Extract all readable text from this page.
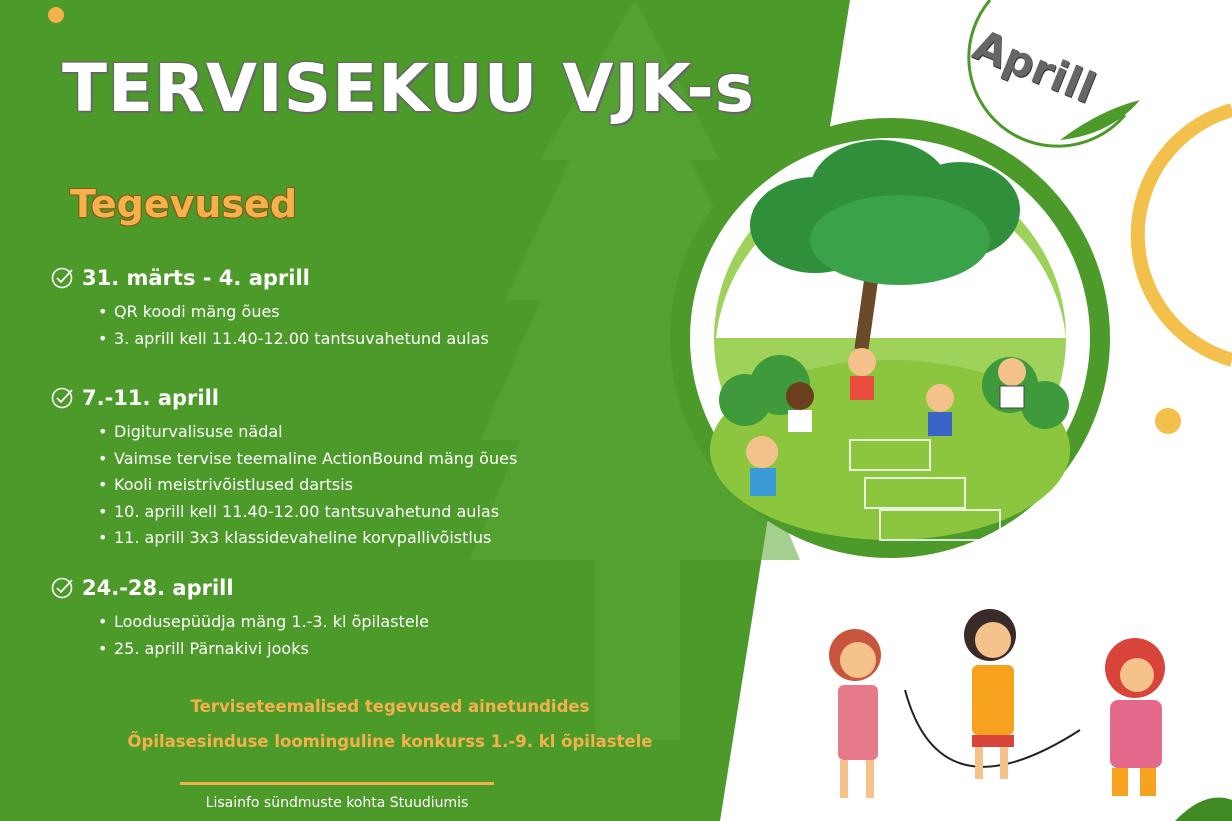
Aprill
TERVISEKUU VJK-s
Tegevused
31. märts - 4. aprill
• QR koodi mäng õues
• 3. aprill kell 11.40-12.00 tantsuvahetund aulas
7.-11. aprill
• Digiturvalisuse nädal
• Vaimse tervise teemaline ActionBound mäng õues
• Kooli meistrivõistlused dartsis
• 10. aprill kell 11.40-12.00 tantsuvahetund aulas
• 11. aprill 3x3 klassidevaheline korvpallivõistlus
24.-28. aprill
• Loodusepüüdja mäng 1.-3. kl õpilastele
• 25. aprill Pärnakivi jooks
Terviseteemalised tegevused ainetundides
Õpilasesinduse loominguline konkurss 1.-9. kl õpilastele
Lisainfo sündmuste kohta Stuudiumis
